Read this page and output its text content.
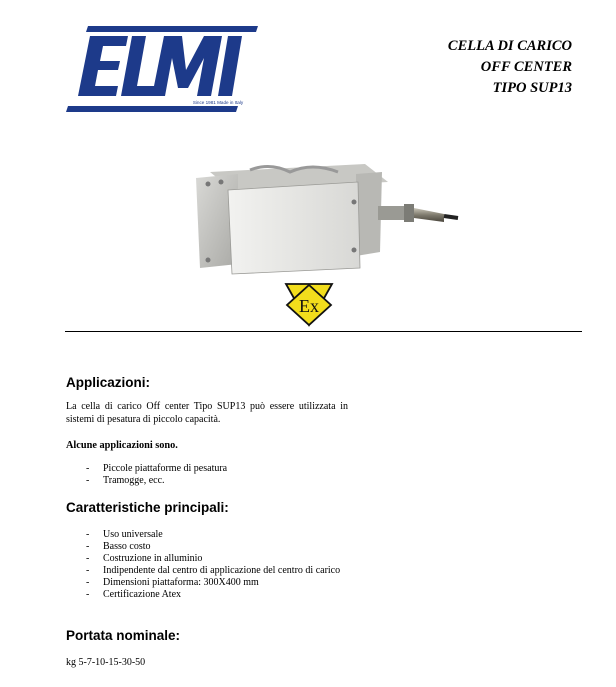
Since 1981 Made in Italy
CELLA DI CARICO
OFF CENTER
TIPO SUP13
Ex
Applicazioni:
La cella di carico Off center Tipo SUP13 può essere utilizzata in sistemi di pesatura di piccolo capacità.
Alcune applicazioni sono.
- Piccole piattaforme di pesatura
- Tramogge, ecc.
Caratteristiche principali:
- Uso universale
- Basso costo
- Costruzione in alluminio
- Indipendente dal centro di applicazione del centro di carico
- Dimensioni piattaforma: 300X400 mm
- Certificazione Atex
Portata nominale:
kg 5-7-10-15-30-50
